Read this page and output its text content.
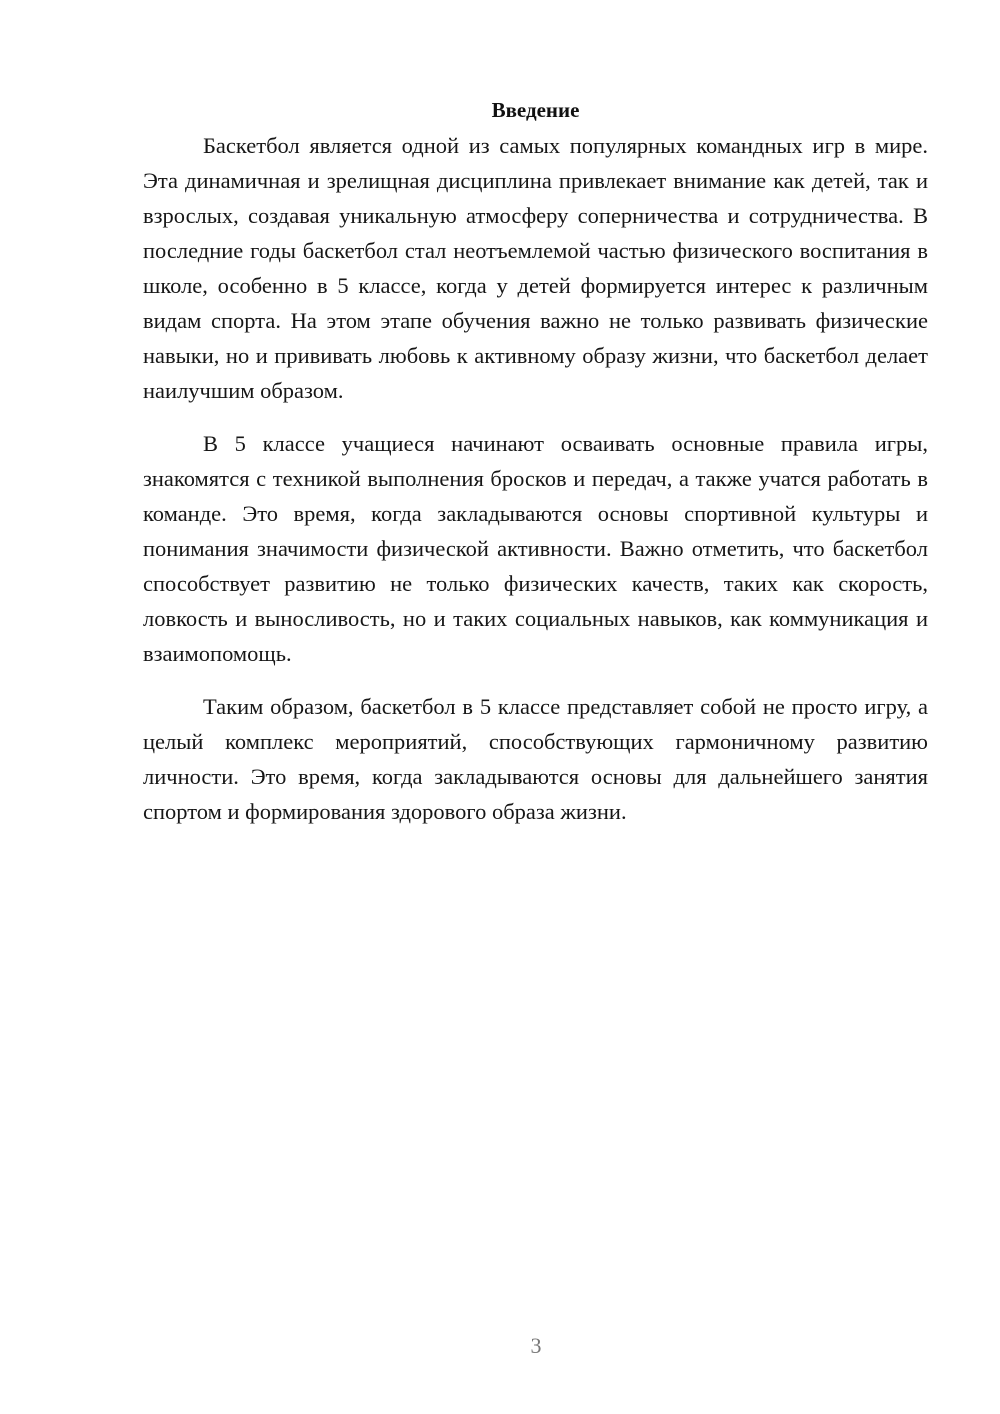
Введение

Баскетбол является одной из самых популярных командных игр в мире. Эта динамичная и зрелищная дисциплина привлекает внимание как детей, так и взрослых, создавая уникальную атмосферу соперничества и сотрудничества. В последние годы баскетбол стал неотъемлемой частью физического воспитания в школе, особенно в 5 классе, когда у детей формируется интерес к различным видам спорта. На этом этапе обучения важно не только развивать физические навыки, но и прививать любовь к активному образу жизни, что баскетбол делает наилучшим образом.

В 5 классе учащиеся начинают осваивать основные правила игры, знакомятся с техникой выполнения бросков и передач, а также учатся работать в команде. Это время, когда закладываются основы спортивной культуры и понимания значимости физической активности. Важно отметить, что баскетбол способствует развитию не только физических качеств, таких как скорость, ловкость и выносливость, но и таких социальных навыков, как коммуникация и взаимопомощь.

Таким образом, баскетбол в 5 классе представляет собой не просто игру, а целый комплекс мероприятий, способствующих гармоничному развитию личности. Это время, когда закладываются основы для дальнейшего занятия спортом и формирования здорового образа жизни.

3
